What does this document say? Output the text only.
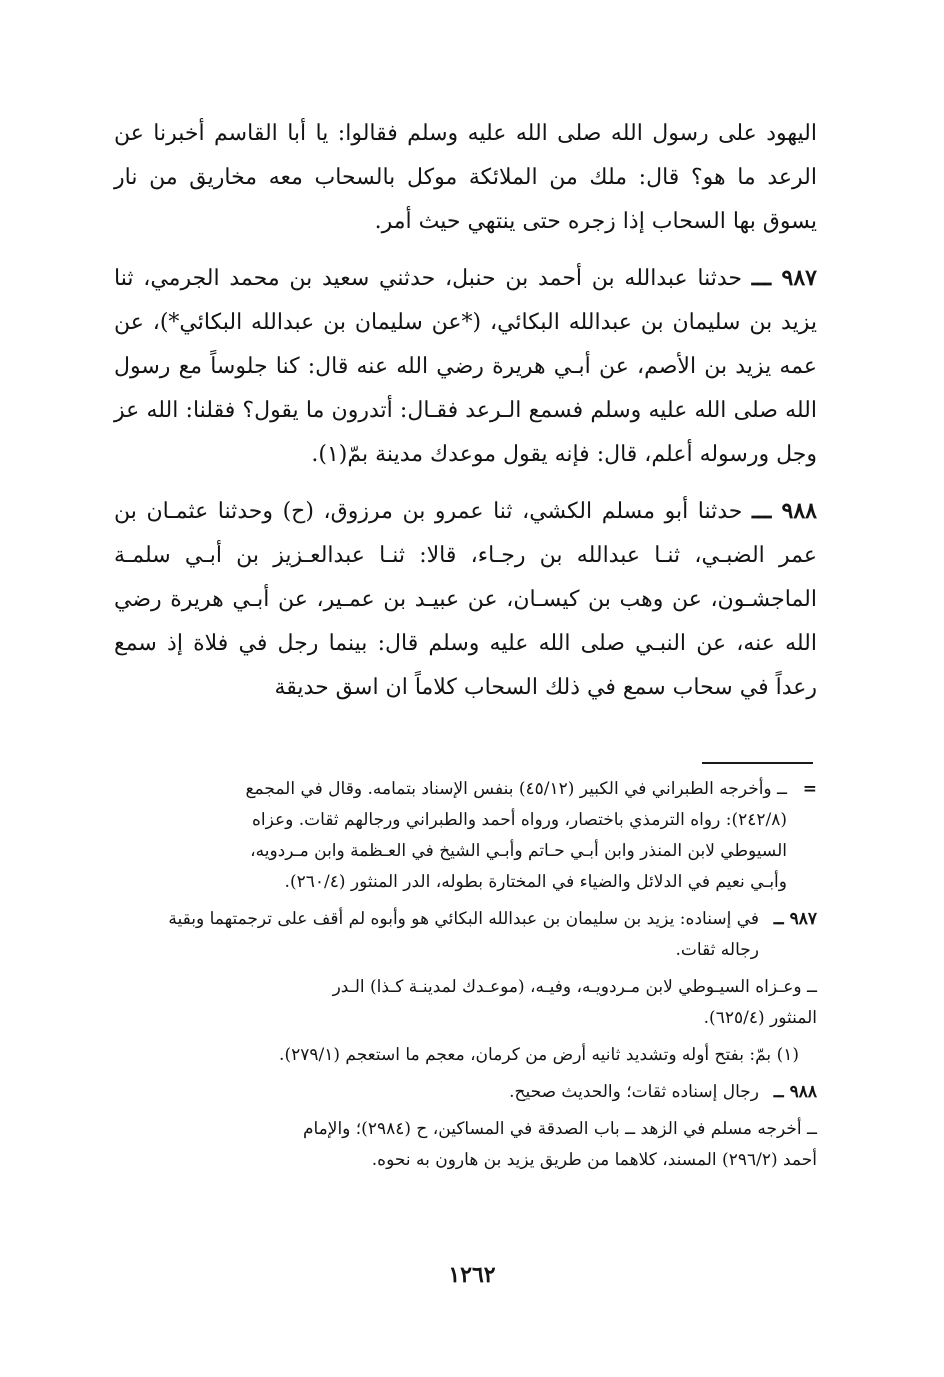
اليهود على رسول الله صلى الله عليه وسلم فقالوا: يا أبا القاسم أخبرنا عن الرعد ما هو؟ قال: ملك من الملائكة موكل بالسحاب معه مخاريق من نار يسوق بها السحاب إذا زجره حتى ينتهي حيث أمر.

٩٨٧ ـــ حدثنا عبدالله بن أحمد بن حنبل، حدثني سعيد بن محمد الجرمي، ثنا يزيد بن سليمان بن عبدالله البكائي، (*عن سليمان بن عبدالله البكائي*)، عن عمه يزيد بن الأصم، عن أبـي هريرة رضي الله عنه قال: كنا جلوساً مع رسول الله صلى الله عليه وسلم فسمع الـرعد فقـال: أتدرون ما يقول؟ فقلنا: الله عز وجل ورسوله أعلم، قال: فإنه يقول موعدك مدينة بمّ(١).

٩٨٨ ـــ حدثنا أبو مسلم الكشي، ثنا عمرو بن مرزوق، (ح) وحدثنا عثمـان بن عمر الضبـي، ثنـا عبدالله بن رجـاء، قالا: ثنـا عبدالعـزيز بن أبـي سلمـة الماجشـون، عن وهب بن كيسـان، عن عبيـد بن عمـير، عن أبـي هريرة رضي الله عنه، عن النبـي صلى الله عليه وسلم قال: بينما رجل في فلاة إذ سمع رعداً في سحاب سمع في ذلك السحاب كلاماً ان اسق حديقة

=
ــ وأخرجه الطبراني في الكبير (٤٥/١٢) بنفس الإسناد بتمامه. وقال في المجمع
(٢٤٢/٨): رواه الترمذي باختصار، ورواه أحمد والطبراني ورجالهم ثقات. وعزاه
السيوطي لابن المنذر وابن أبـي حـاتم وأبـي الشيخ في العـظمة وابن مـردويه،
وأبـي نعيم في الدلائل والضياء في المختارة بطوله، الدر المنثور (٢٦٠/٤).
٩٨٧ ــ
في إسناده: يزيد بن سليمان بن عبدالله البكائي هو وأبوه لم أقف على ترجمتهما وبقية
رجاله ثقات.
ــ وعـزاه السيـوطي لابن مـردويـه، وفيـه، (موعـدك لمدينـة كـذا) الـدر
المنثور (٦٢٥/٤).
(١) بمّ: بفتح أوله وتشديد ثانيه أرض من كرمان، معجم ما استعجم (٢٧٩/١).
٩٨٨ ــ
رجال إسناده ثقات؛ والحديث صحيح.
ــ أخرجه مسلم في الزهد ــ باب الصدقة في المساكين، ح (٢٩٨٤)؛ والإمام
أحمد (٢٩٦/٢) المسند، كلاهما من طريق يزيد بن هارون به نحوه.
١٢٦٢
